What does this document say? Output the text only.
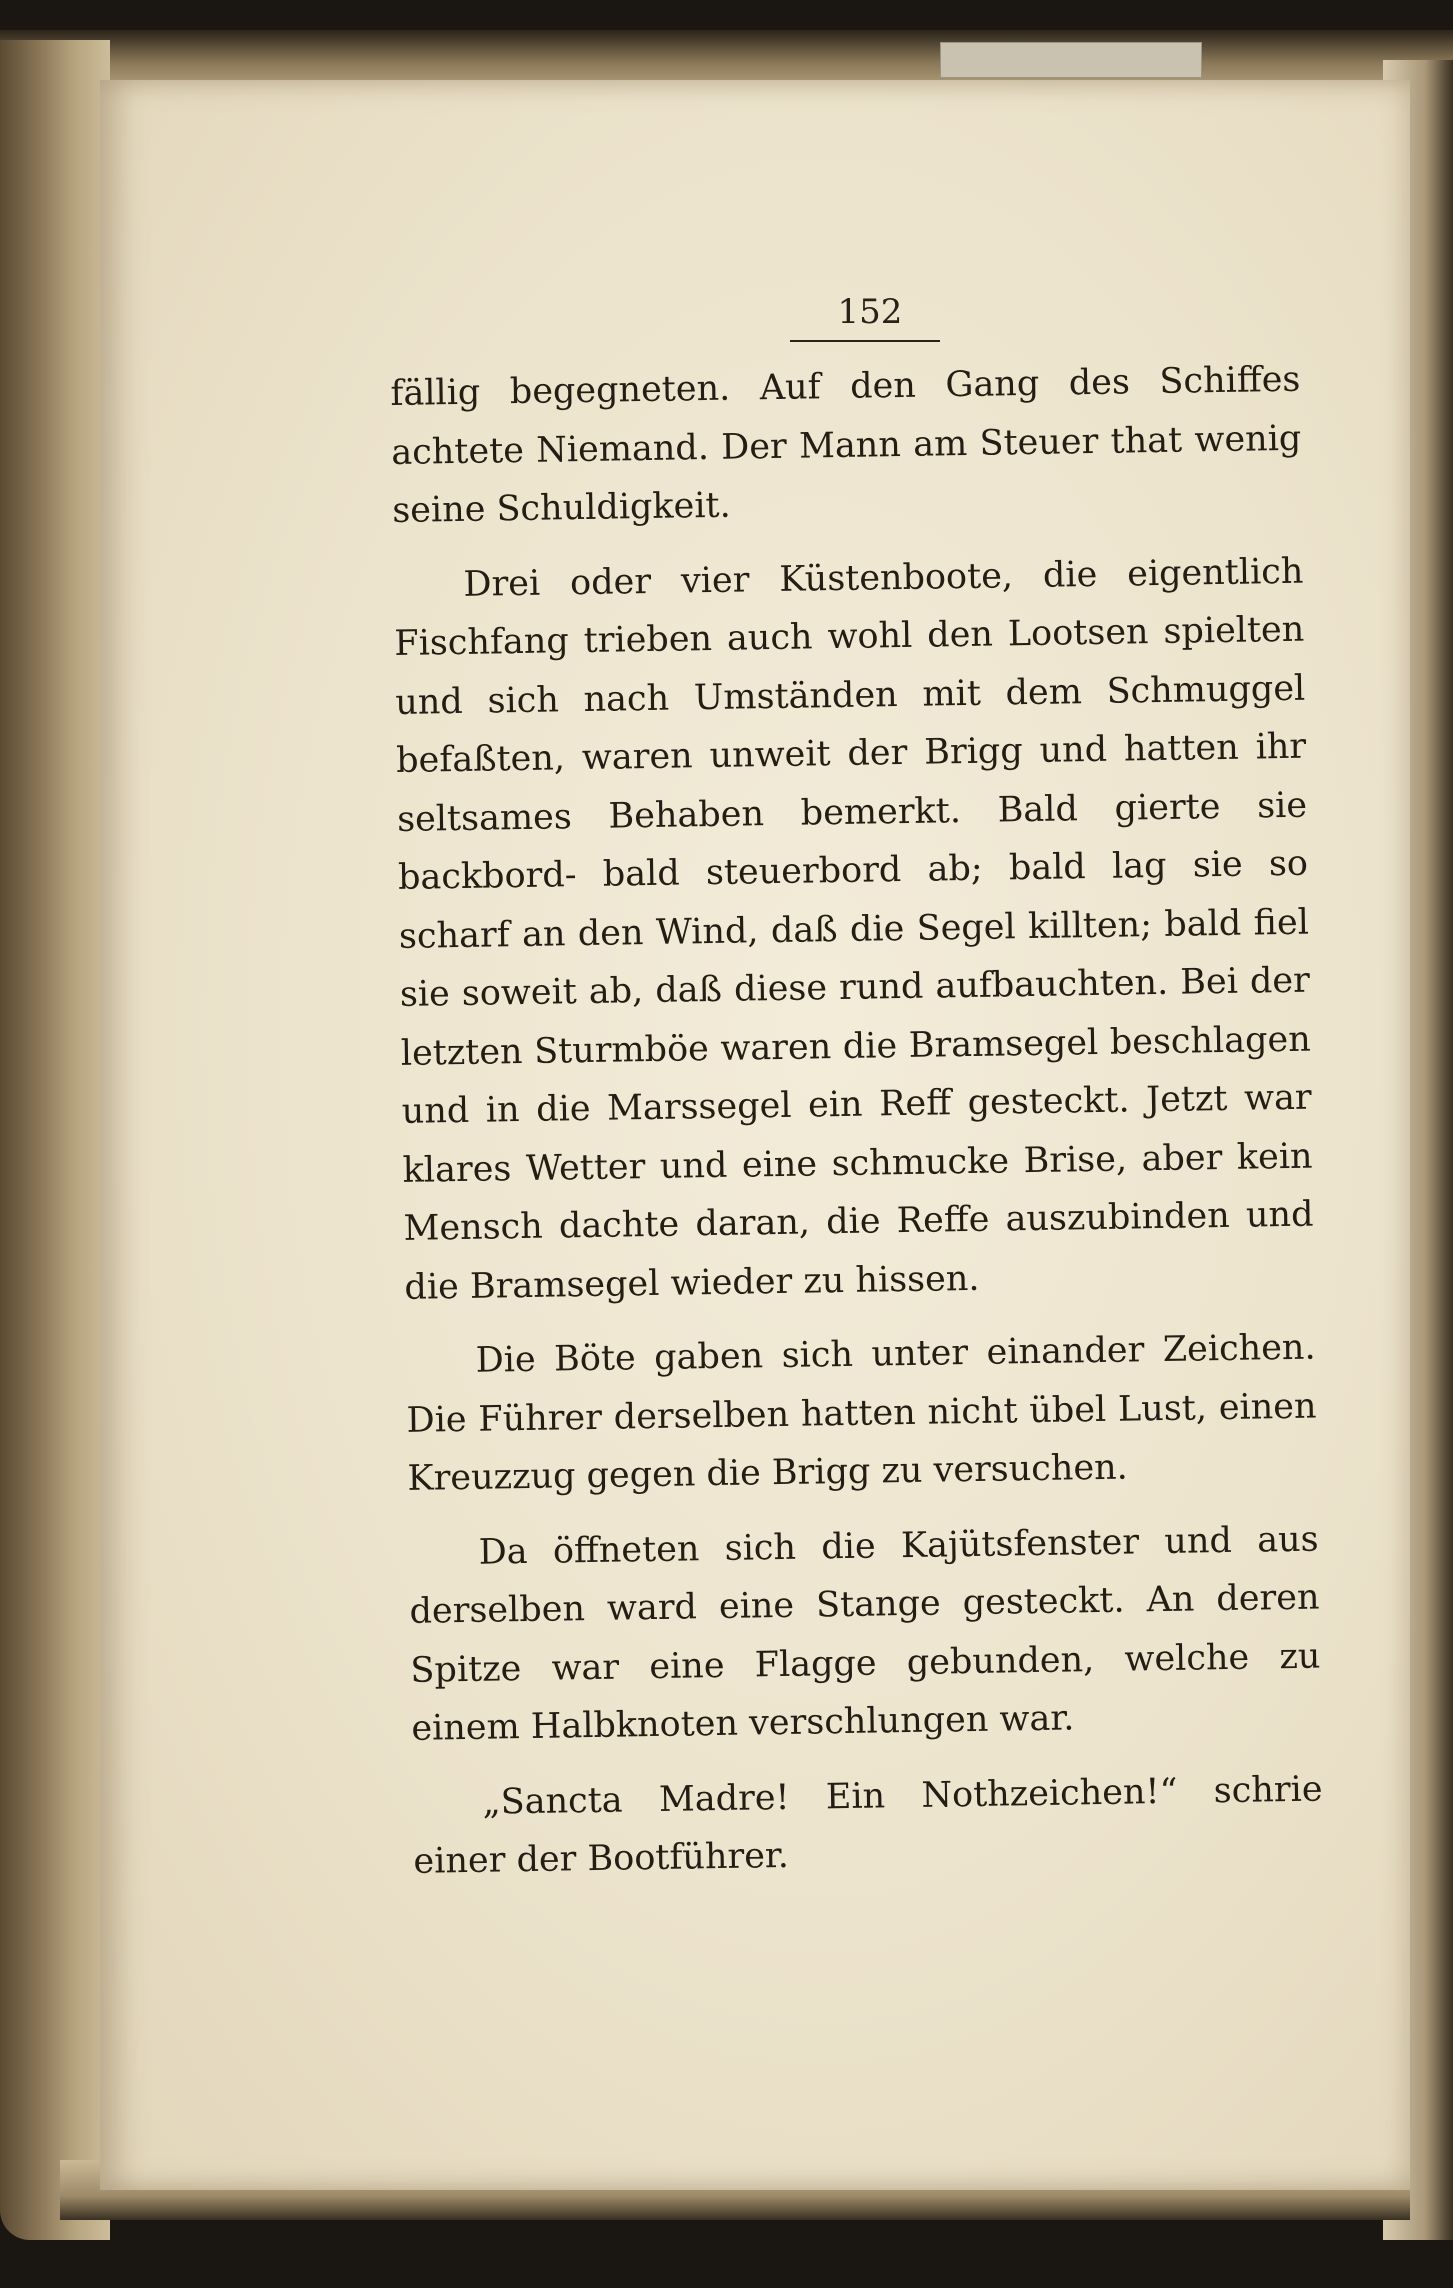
152

fällig begegneten. Auf den Gang des Schiffes achtete Niemand. Der Mann am Steuer that wenig seine Schuldigkeit.

Drei oder vier Küstenboote, die eigentlich Fischfang trieben auch wohl den Lootsen spielten und sich nach Umständen mit dem Schmuggel befaßten, waren unweit der Brigg und hatten ihr seltsames Behaben bemerkt. Bald gierte sie backbord- bald steuerbord ab; bald lag sie so scharf an den Wind, daß die Segel killten; bald fiel sie soweit ab, daß diese rund aufbauchten. Bei der letzten Sturmböe waren die Bramsegel beschlagen und in die Marssegel ein Reff gesteckt. Jetzt war klares Wetter und eine schmucke Brise, aber kein Mensch dachte daran, die Reffe auszubinden und die Bramsegel wieder zu hissen.

Die Böte gaben sich unter einander Zeichen. Die Führer derselben hatten nicht übel Lust, einen Kreuzzug gegen die Brigg zu versuchen.

Da öffneten sich die Kajütsfenster und aus derselben ward eine Stange gesteckt. An deren Spitze war eine Flagge gebunden, welche zu einem Halbknoten verschlungen war.

„Sancta Madre! Ein Nothzeichen!“ schrie einer der Bootführer.
